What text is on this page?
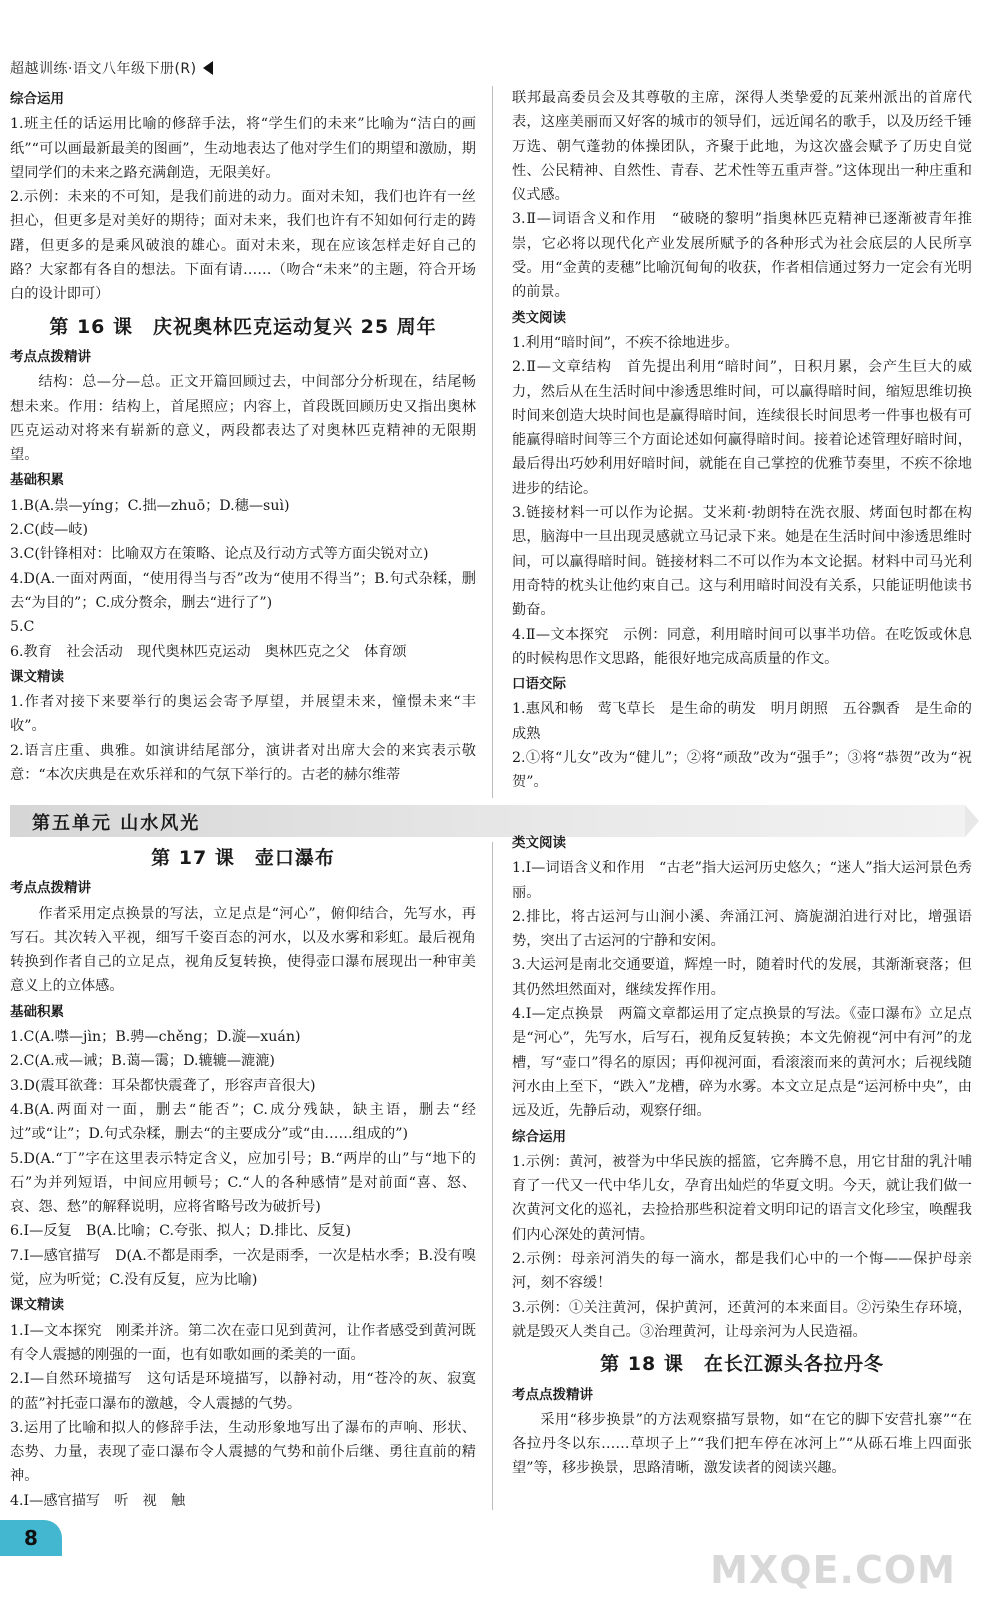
超越训练·语文八年级下册(R)

综合运用

1.班主任的话运用比喻的修辞手法，将“学生们的未来”比喻为“洁白的画纸”“可以画最新最美的图画”，生动地表达了他对学生们的期望和激励，期望同学们的未来之路充满創造，无限美好。

2.示例：未来的不可知，是我们前进的动力。面对未知，我们也许有一丝担心，但更多是对美好的期待；面对未来，我们也许有不知如何行走的踌躇，但更多的是乘风破浪的雄心。面对未来，现在应该怎样走好自己的路？大家都有各自的想法。下面有请……（吻合“未来”的主题，符合开场白的设计即可）

第 16 课　庆祝奥林匹克运动复兴 25 周年

考点点拨精讲

结构：总—分—总。正文开篇回顾过去，中间部分分析现在，结尾畅想未来。作用：结构上，首尾照应；内容上，首段既回顾历史又指出奥林匹克运动对将来有崭新的意义，两段都表达了对奥林匹克精神的无限期望。

基础积累

1.B(A.祟—yíng；C.拙—zhuō；D.穗—suì)

2.C(歧—岐)

3.C(针锋相对：比喻双方在策略、论点及行动方式等方面尖锐对立)

4.D(A.一面对两面，“使用得当与否”改为“使用不得当”；B.句式杂糅，删去“为目的”；C.成分赘余，删去“进行了”)

5.C

6.教育　社会活动　现代奥林匹克运动　奥林匹克之父　体育颂

课文精读

1.作者对接下来要举行的奥运会寄予厚望，并展望未来，憧憬未来“丰收”。

2.语言庄重、典雅。如演讲结尾部分，演讲者对出席大会的来宾表示敬意：“本次庆典是在欢乐祥和的气氛下举行的。古老的赫尔维蒂

联邦最高委员会及其尊敬的主席，深得人类挚爱的瓦莱州派出的首席代表，这座美丽而又好客的城市的领导们，远近闻名的歌手，以及历经千锤万选、朝气蓬勃的体操团队，齐聚于此地，为这次盛会赋予了历史自觉性、公民精神、自然性、青春、艺术性等五重声誉。”这体现出一种庄重和仪式感。

3.Ⅱ—词语含义和作用　“破晓的黎明”指奥林匹克精神已逐渐被青年推崇，它必将以现代化产业发展所赋予的各种形式为社会底层的人民所享受。用“金黄的麦穗”比喻沉甸甸的收获，作者相信通过努力一定会有光明的前景。

类文阅读

1.利用“暗时间”，不疾不徐地进步。

2.Ⅱ—文章结构　首先提出利用“暗时间”，日积月累，会产生巨大的威力，然后从在生活时间中渗透思维时间，可以赢得暗时间，缩短思维切换时间来创造大块时间也是赢得暗时间，连续很长时间思考一件事也极有可能赢得暗时间等三个方面论述如何赢得暗时间。接着论述管理好暗时间，最后得出巧妙利用好暗时间，就能在自己掌控的优雅节奏里，不疾不徐地进步的结论。

3.链接材料一可以作为论据。艾米莉·勃朗特在洗衣服、烤面包时都在构思，脑海中一旦出现灵感就立马记录下来。她是在生活时间中渗透思维时间，可以赢得暗时间。链接材料二不可以作为本文论据。材料中司马光利用奇特的枕头让他约束自己。这与利用暗时间没有关系，只能证明他读书勤奋。

4.Ⅱ—文本探究　示例：同意，利用暗时间可以事半功倍。在吃饭或休息的时候构思作文思路，能很好地完成高质量的作文。

口语交际

1.惠风和畅　莺飞草长　是生命的萌发　明月朗照　五谷飘香　是生命的成熟

2.①将“儿女”改为“健儿”；②将“顽敌”改为“强手”；③将“恭贺”改为“祝贺”。

第五单元 山水风光
第 17 课　壶口瀑布

考点点拨精讲

作者采用定点换景的写法，立足点是“河心”，俯仰结合，先写水，再写石。其次转入平视，细写千姿百态的河水，以及水雾和彩虹。最后视角转换到作者自己的立足点，视角反复转换，使得壶口瀑布展现出一种审美意义上的立体感。

基础积累

1.C(A.噤—jìn；B.骋—chěng；D.漩—xuán)

2.C(A.戒—诫；B.蔼—霭；D.辘辘—漉漉)

3.D(震耳欲聋：耳朵都快震聋了，形容声音很大)

4.B(A.两面对一面，删去“能否”；C.成分残缺，缺主语，删去“经过”或“让”；D.句式杂糅，删去“的主要成分”或“由……组成的”)

5.D(A.“丁”字在这里表示特定含义，应加引号；B.“两岸的山”与“地下的石”为并列短语，中间应用顿号；C.“人的各种感情”是对前面“喜、怒、哀、怨、愁”的解释说明，应将省略号改为破折号)

6.Ⅰ—反复　B(A.比喻；C.夸张、拟人；D.排比、反复)

7.Ⅰ—感官描写　D(A.不都是雨季，一次是雨季，一次是枯水季；B.没有嗅觉，应为听觉；C.没有反复，应为比喻)

课文精读

1.Ⅰ—文本探究　刚柔并济。第二次在壶口见到黄河，让作者感受到黄河既有令人震撼的刚强的一面，也有如歌如画的柔美的一面。

2.Ⅰ—自然环境描写　这句话是环境描写，以静衬动，用“苍冷的灰、寂寞的蓝”衬托壶口瀑布的激越，令人震撼的气势。

3.运用了比喻和拟人的修辞手法，生动形象地写出了瀑布的声响、形状、态势、力量，表现了壶口瀑布令人震撼的气势和前仆后继、勇往直前的精神。

4.Ⅰ—感官描写　听　视　触

类文阅读

1.Ⅰ—词语含义和作用　“古老”指大运河历史悠久；“迷人”指大运河景色秀丽。

2.排比，将古运河与山涧小溪、奔涌江河、旖旎湖泊进行对比，增强语势，突出了古运河的宁静和安闲。

3.大运河是南北交通要道，辉煌一时，随着时代的发展，其渐渐衰落；但其仍然坦然面对，继续发挥作用。

4.Ⅰ—定点换景　两篇文章都运用了定点换景的写法。《壶口瀑布》立足点是“河心”，先写水，后写石，视角反复转换；本文先俯视“河中有河”的龙槽，写“壶口”得名的原因；再仰视河面，看滚滚而来的黄河水；后视线随河水由上至下，“跌入”龙槽，碎为水雾。本文立足点是“运河桥中央”，由远及近，先静后动，观察仔细。

综合运用

1.示例：黄河，被誉为中华民族的摇篮，它奔腾不息，用它甘甜的乳汁哺育了一代又一代中华儿女，孕育出灿烂的华夏文明。今天，就让我们做一次黄河文化的巡礼，去捡拾那些积淀着文明印记的语言文化珍宝，唤醒我们内心深处的黄河情。

2.示例：母亲河消失的每一滴水，都是我们心中的一个悔——保护母亲河，刻不容缓！

3.示例：①关注黄河，保护黄河，还黄河的本来面目。②污染生存环境，就是毁灭人类自己。③治理黄河，让母亲河为人民造福。

第 18 课　在长江源头各拉丹冬

考点点拨精讲

采用“移步换景”的方法观察描写景物，如“在它的脚下安营扎寨”“在各拉丹冬以东……草坝子上”“我们把车停在冰河上”“从砾石堆上四面张望”等，移步换景，思路清晰，激发读者的阅读兴趣。

8
MXQE.COM
